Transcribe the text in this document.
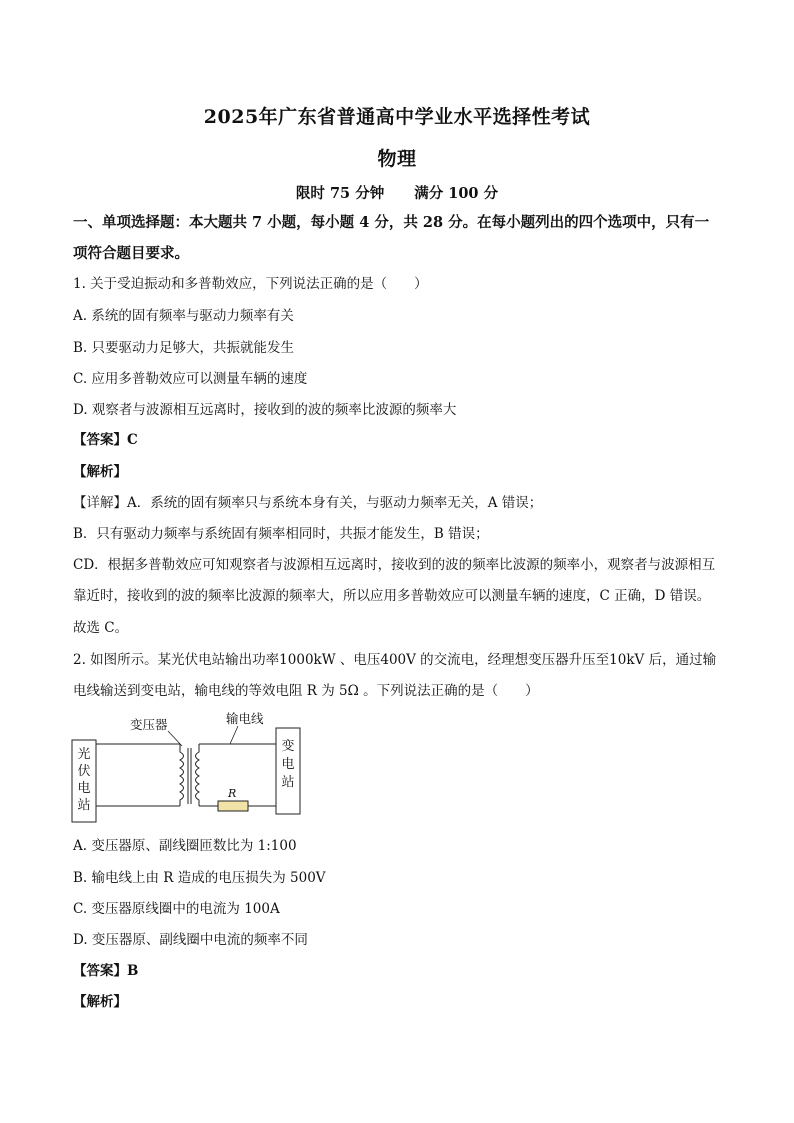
2025年广东省普通高中学业水平选择性考试
物理
限时 75 分钟 满分 100 分
一、单项选择题：本大题共 7 小题，每小题 4 分，共 28 分。在每小题列出的四个选项中，只有一项符合题目要求。
1. 关于受迫振动和多普勒效应，下列说法正确的是（　　）
A. 系统的固有频率与驱动力频率有关
B. 只要驱动力足够大，共振就能发生
C. 应用多普勒效应可以测量车辆的速度
D. 观察者与波源相互远离时，接收到的波的频率比波源的频率大
【答案】C
【解析】
【详解】A．系统的固有频率只与系统本身有关，与驱动力频率无关，A 错误；
B．只有驱动力频率与系统固有频率相同时，共振才能发生，B 错误；
CD．根据多普勒效应可知观察者与波源相互远离时，接收到的波的频率比波源的频率小，观察者与波源相互靠近时，接收到的波的频率比波源的频率大，所以应用多普勒效应可以测量车辆的速度，C 正确，D 错误。
故选 C。
2. 如图所示。某光伏电站输出功率1000kW 、电压400V 的交流电，经理想变压器升压至10kV 后，通过输电线输送到变电站，输电线的等效电阻 R 为 5Ω 。下列说法正确的是（　　）
光
伏
电
站
R
变
电
站
变压器	输电线
A. 变压器原、副线圈匝数比为 1:100
B. 输电线上由 R 造成的电压损失为 500V
C. 变压器原线圈中的电流为 100A
D. 变压器原、副线圈中电流的频率不同
【答案】B
【解析】
